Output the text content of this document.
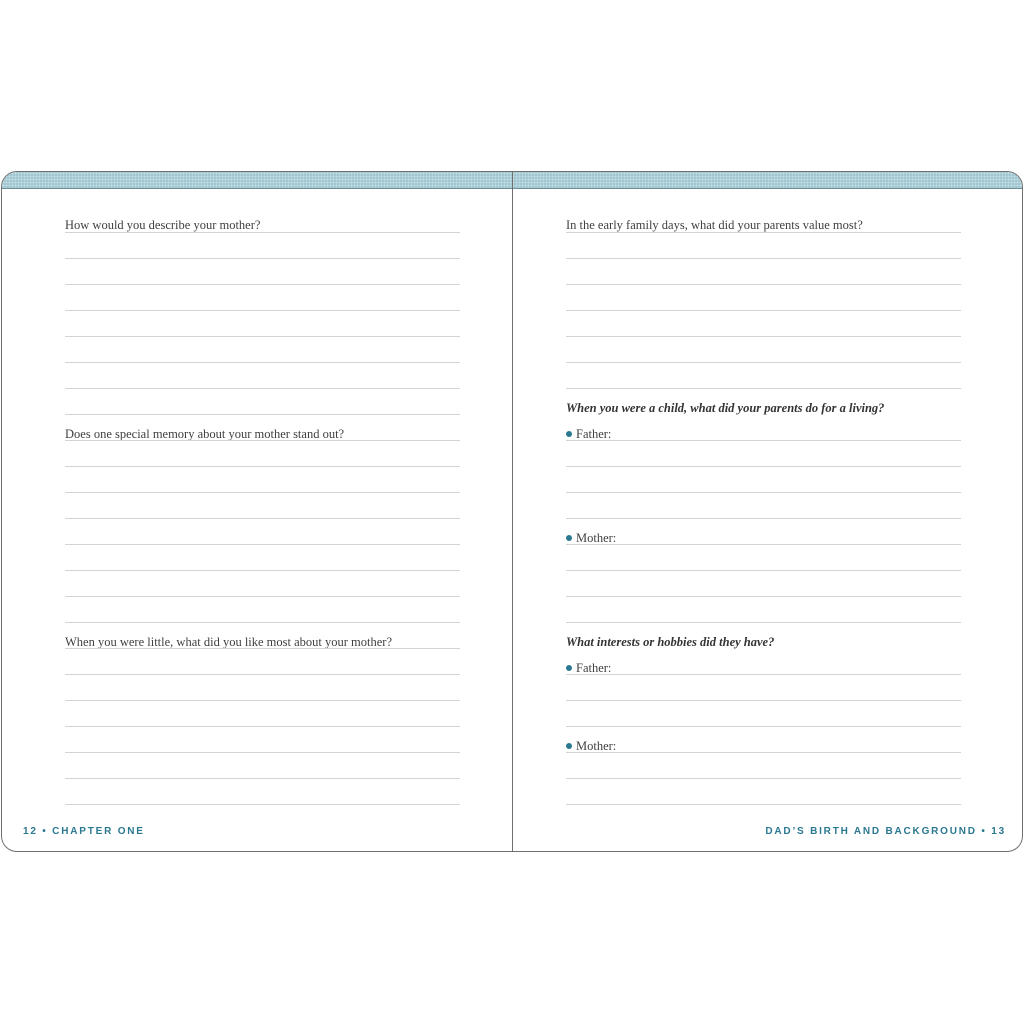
How would you describe your mother?
Does one special memory about your mother stand out?
When you were little, what did you like most about your mother?
12 • CHAPTER ONE
In the early family days, what did your parents value most?
When you were a child, what did your parents do for a living?
Father:
Mother:
What interests or hobbies did they have?
Father:
Mother:
DAD’S BIRTH AND BACKGROUND • 13
